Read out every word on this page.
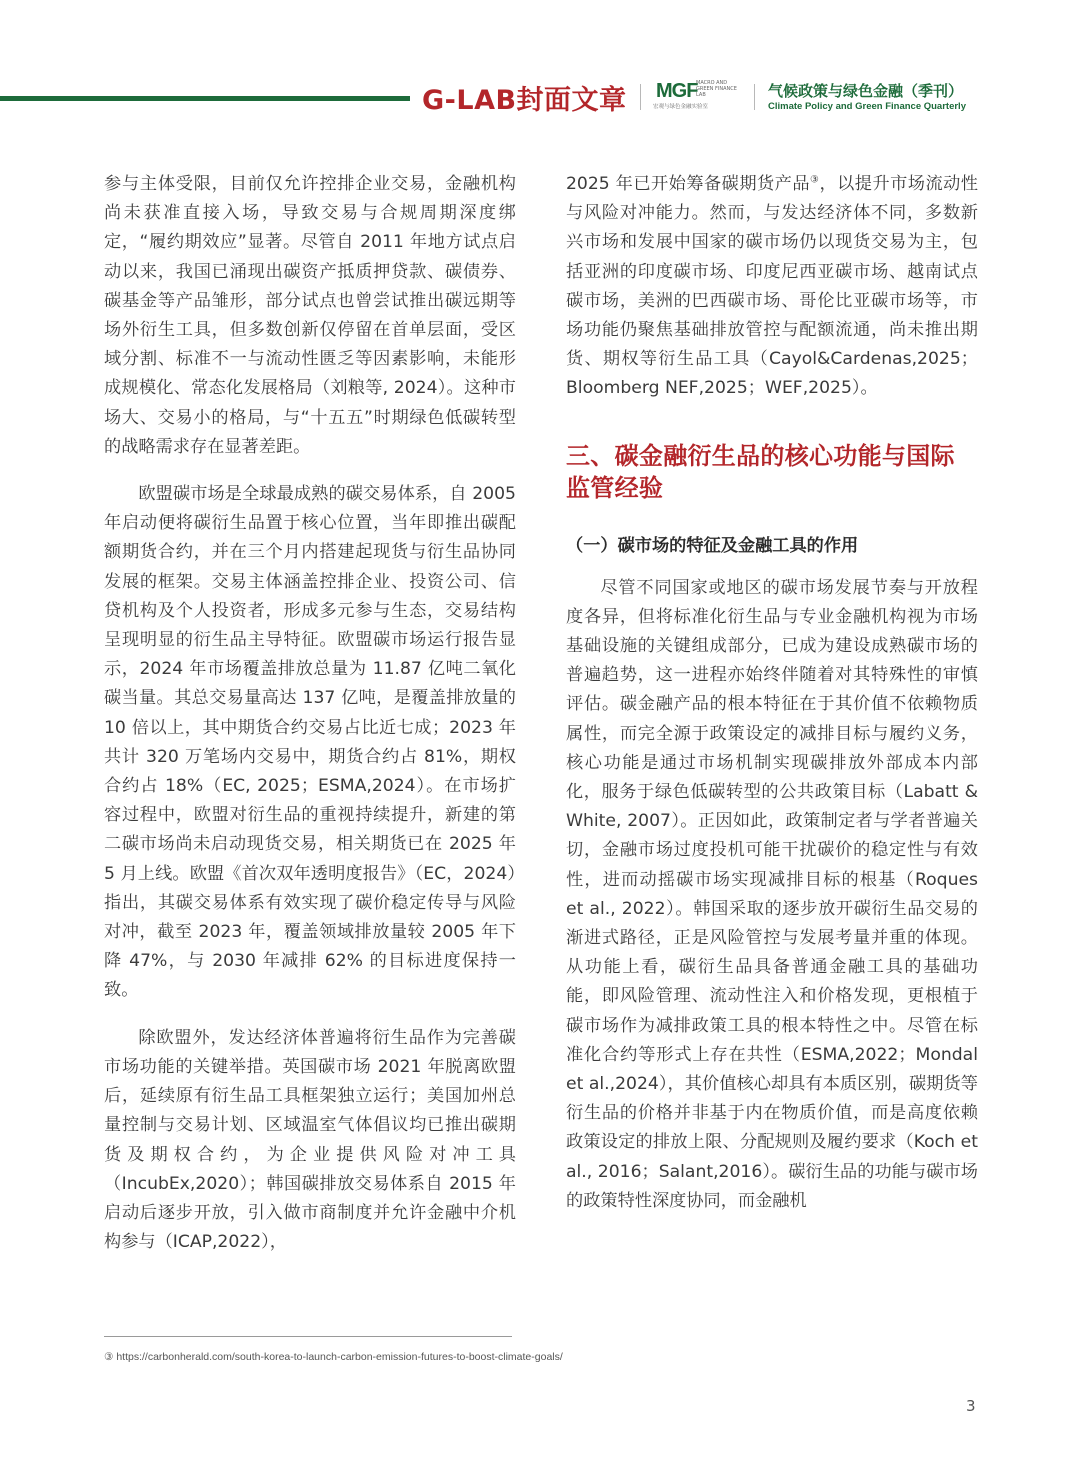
G-LAB封面文章 MGF
MACRO AND GREEN FINANCE LAB
宏观与绿色金融实验室
气候政策与绿色金融（季刊）
Climate Policy and Green Finance Quarterly

参与主体受限，目前仅允许控排企业交易，金融机构尚未获准直接入场，导致交易与合规周期深度绑定，“履约期效应”显著。尽管自 2011 年地方试点启动以来，我国已涌现出碳资产抵质押贷款、碳债券、碳基金等产品雏形，部分试点也曾尝试推出碳远期等场外衍生工具，但多数创新仅停留在首单层面，受区域分割、标准不一与流动性匮乏等因素影响，未能形成规模化、常态化发展格局（刘粮等, 2024）。这种市场大、交易小的格局，与“十五五”时期绿色低碳转型的战略需求存在显著差距。

欧盟碳市场是全球最成熟的碳交易体系，自 2005 年启动便将碳衍生品置于核心位置，当年即推出碳配额期货合约，并在三个月内搭建起现货与衍生品协同发展的框架。交易主体涵盖控排企业、投资公司、信贷机构及个人投资者，形成多元参与生态，交易结构呈现明显的衍生品主导特征。欧盟碳市场运行报告显示，2024 年市场覆盖排放总量为 11.87 亿吨二氧化碳当量。其总交易量高达 137 亿吨，是覆盖排放量的 10 倍以上，其中期货合约交易占比近七成；2023 年共计 320 万笔场内交易中，期货合约占 81%，期权合约占 18%（EC, 2025；ESMA,2024）。在市场扩容过程中，欧盟对衍生品的重视持续提升，新建的第二碳市场尚未启动现货交易，相关期货已在 2025 年 5 月上线。欧盟《首次双年透明度报告》（EC，2024）指出，其碳交易体系有效实现了碳价稳定传导与风险对冲，截至 2023 年，覆盖领域排放量较 2005 年下降 47%，与 2030 年减排 62% 的目标进度保持一致。

除欧盟外，发达经济体普遍将衍生品作为完善碳市场功能的关键举措。英国碳市场 2021 年脱离欧盟后，延续原有衍生品工具框架独立运行；美国加州总量控制与交易计划、区域温室气体倡议均已推出碳期货及期权合约，为企业提供风险对冲工具（IncubEx,2020）；韩国碳排放交易体系自 2015 年启动后逐步开放，引入做市商制度并允许金融中介机构参与（ICAP,2022），

2025 年已开始筹备碳期货产品③，以提升市场流动性与风险对冲能力。然而，与发达经济体不同，多数新兴市场和发展中国家的碳市场仍以现货交易为主，包括亚洲的印度碳市场、印度尼西亚碳市场、越南试点碳市场，美洲的巴西碳市场、哥伦比亚碳市场等，市场功能仍聚焦基础排放管控与配额流通，尚未推出期货、期权等衍生品工具（Cayol&Cardenas,2025；Bloomberg NEF,2025；WEF,2025）。

三、碳金融衍生品的核心功能与国际监管经验
（一）碳市场的特征及金融工具的作用

尽管不同国家或地区的碳市场发展节奏与开放程度各异，但将标准化衍生品与专业金融机构视为市场基础设施的关键组成部分，已成为建设成熟碳市场的普遍趋势，这一进程亦始终伴随着对其特殊性的审慎评估。碳金融产品的根本特征在于其价值不依赖物质属性，而完全源于政策设定的减排目标与履约义务，核心功能是通过市场机制实现碳排放外部成本内部化，服务于绿色低碳转型的公共政策目标（Labatt & White, 2007）。正因如此，政策制定者与学者普遍关切，金融市场过度投机可能干扰碳价的稳定性与有效性，进而动摇碳市场实现减排目标的根基（Roques et al., 2022）。韩国采取的逐步放开碳衍生品交易的渐进式路径，正是风险管控与发展考量并重的体现。从功能上看，碳衍生品具备普通金融工具的基础功能，即风险管理、流动性注入和价格发现，更根植于碳市场作为减排政策工具的根本特性之中。尽管在标准化合约等形式上存在共性（ESMA,2022；Mondal et al.,2024），其价值核心却具有本质区别，碳期货等衍生品的价格并非基于内在物质价值，而是高度依赖政策设定的排放上限、分配规则及履约要求（Koch et al., 2016；Salant,2016）。碳衍生品的功能与碳市场的政策特性深度协同，而金融机

③ https://carbonherald.com/south-korea-to-launch-carbon-emission-futures-to-boost-climate-goals/
3
